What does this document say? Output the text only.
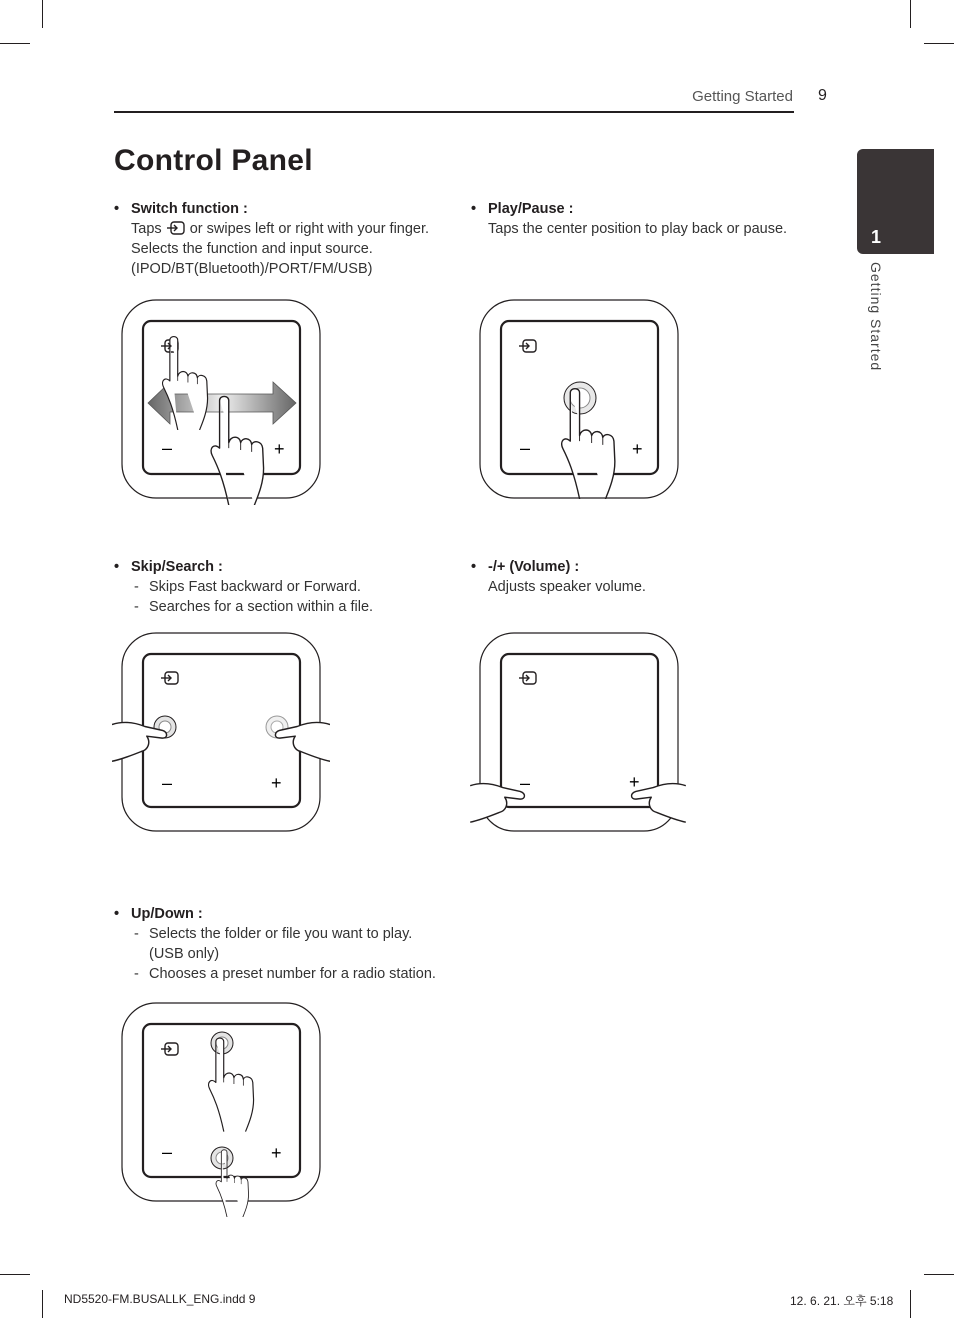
Getting Started 9
Control Panel
1
Getting Started
• Switch function :
Taps  or swipes left or right with your finger.
Selects the function and input source.
(IPOD/BT(Bluetooth)/PORT/FM/USB)
• Play/Pause :
Taps the center position to play back or pause.
–	+	–	+
• Skip/Search :
- Skips Fast backward or Forward.
- Searches for a section within a file.
• -/+ (Volume) :
Adjusts speaker volume.
–	+	–	+
• Up/Down :
- Selects the folder or file you want to play.
(USB only)
- Chooses a preset number for a radio station.
–	+
ND5520-FM.BUSALLK_ENG.indd 9	12. 6. 21. 오후 5:18
